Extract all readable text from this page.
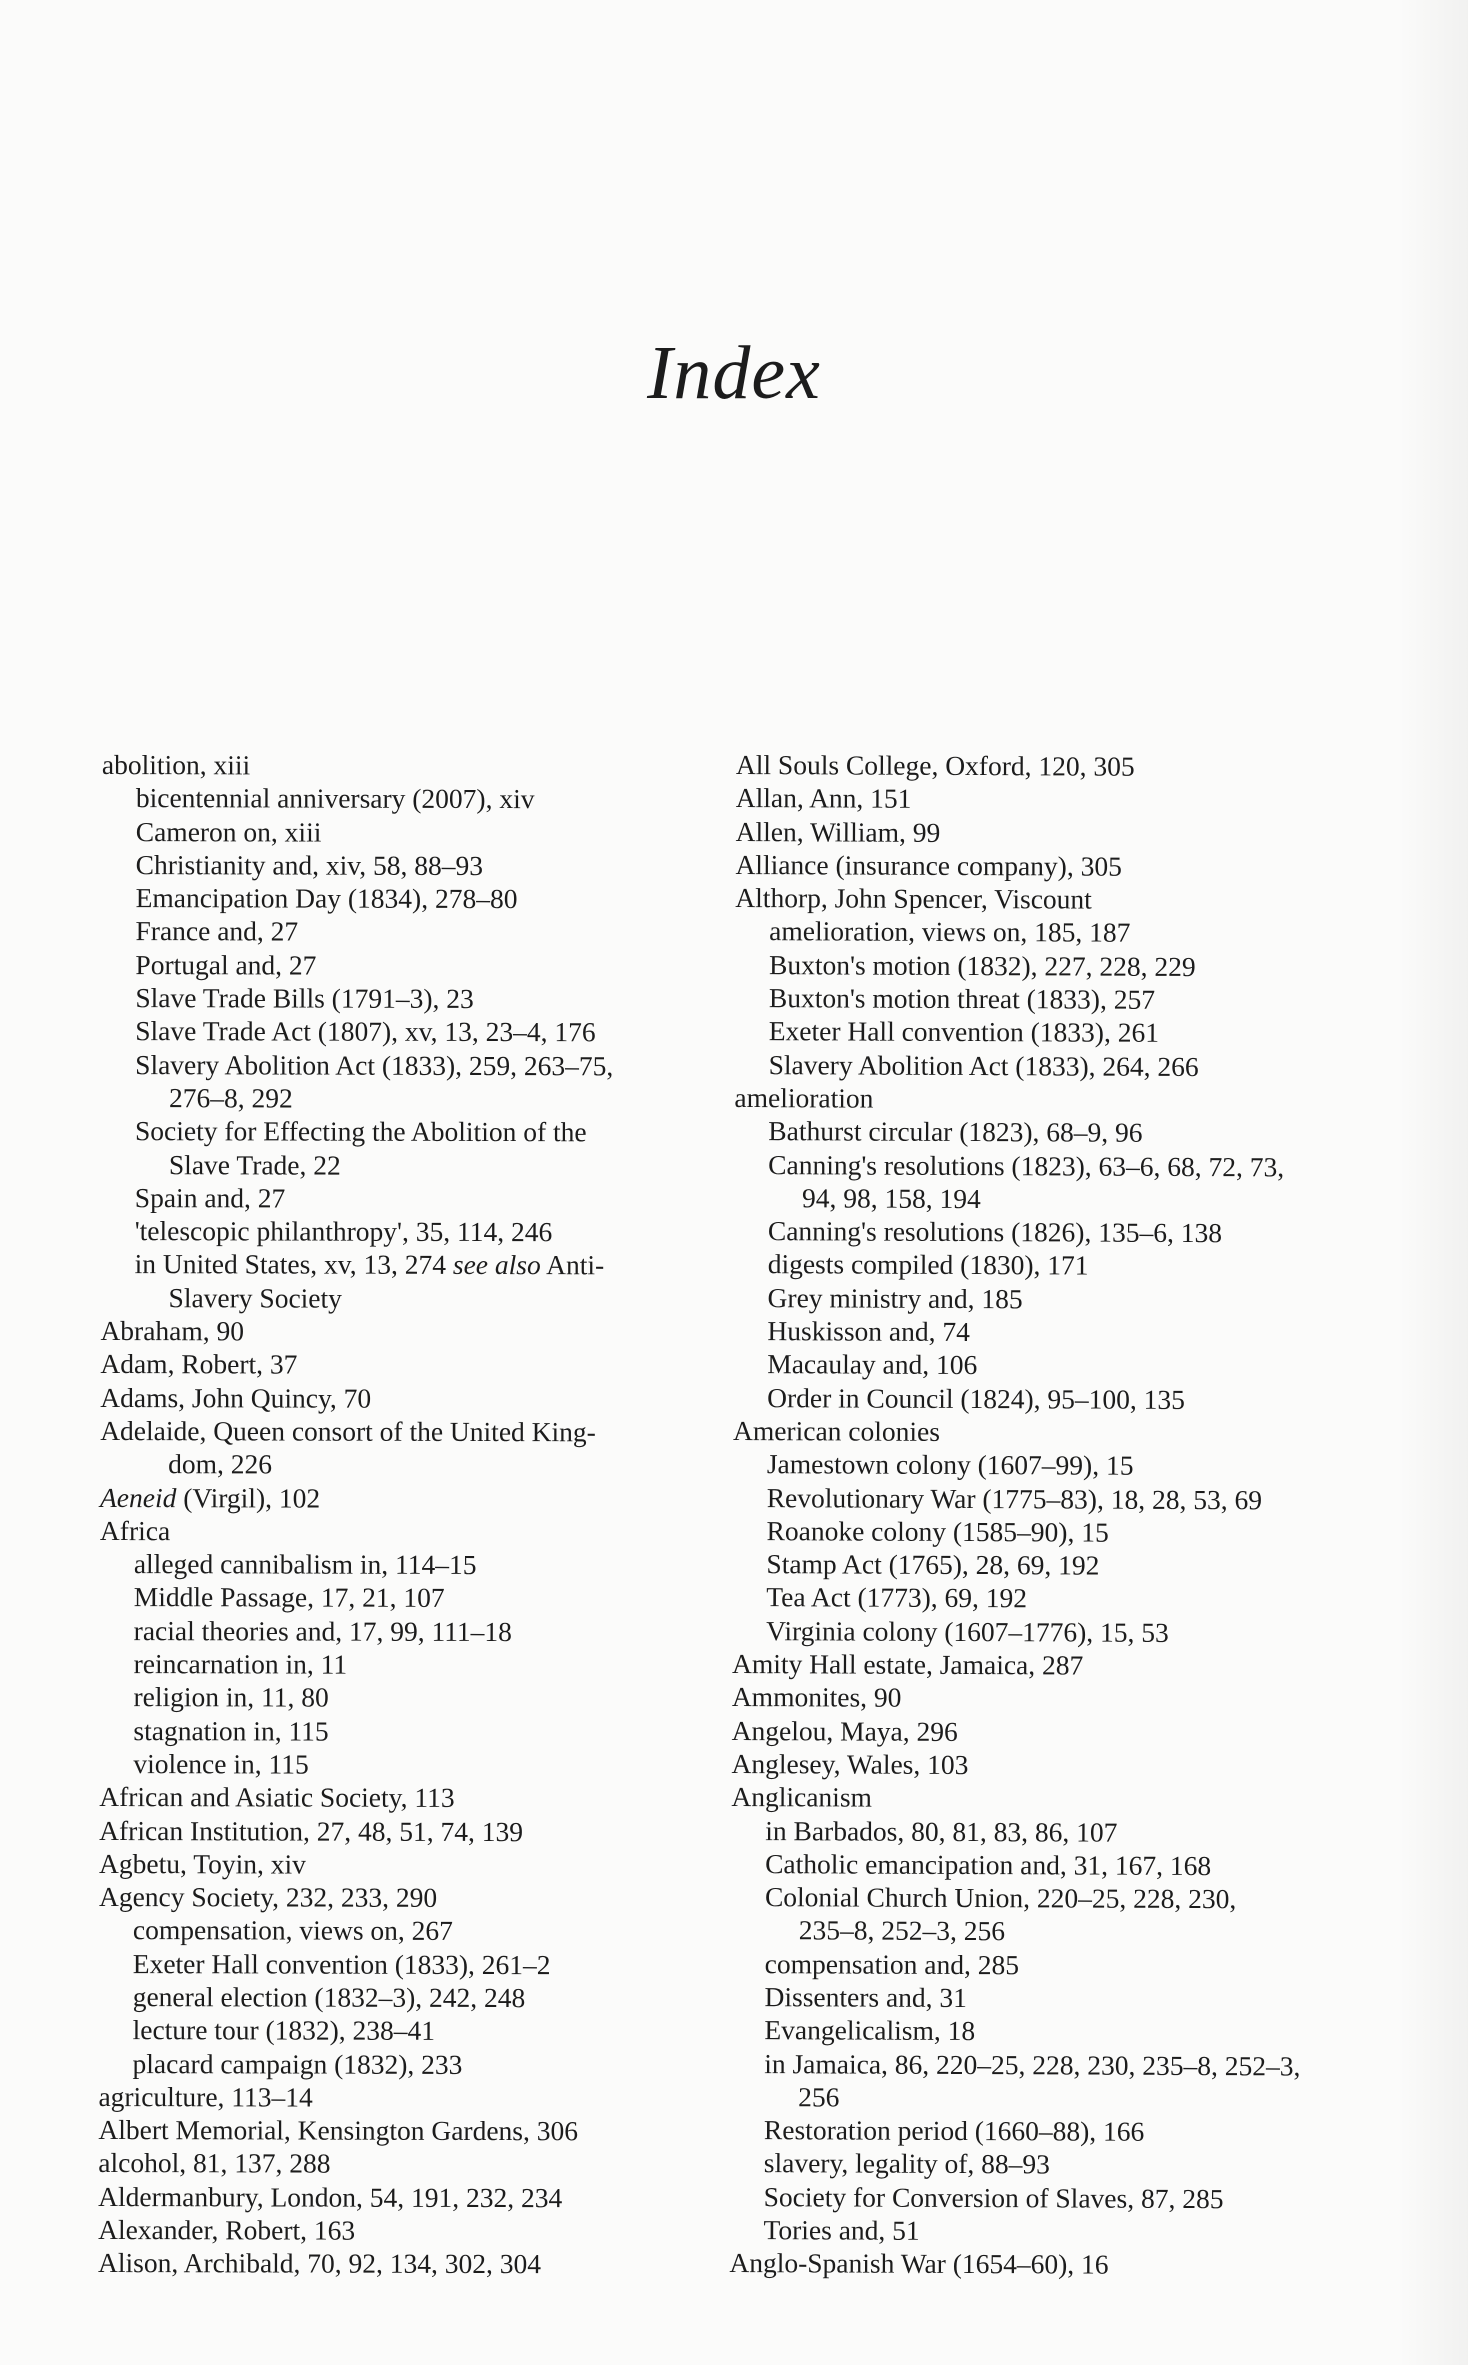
Index
abolition, xiii
bicentennial anniversary (2007), xiv
Cameron on, xiii
Christianity and, xiv, 58, 88–93
Emancipation Day (1834), 278–80
France and, 27
Portugal and, 27
Slave Trade Bills (1791–3), 23
Slave Trade Act (1807), xv, 13, 23–4, 176
Slavery Abolition Act (1833), 259, 263–75,
276–8, 292
Society for Effecting the Abolition of the
Slave Trade, 22
Spain and, 27
'telescopic philanthropy', 35, 114, 246
in United States, xv, 13, 274 see also Anti-
Slavery Society
Abraham, 90
Adam, Robert, 37
Adams, John Quincy, 70
Adelaide, Queen consort of the United King-
dom, 226
Aeneid (Virgil), 102
Africa
alleged cannibalism in, 114–15
Middle Passage, 17, 21, 107
racial theories and, 17, 99, 111–18
reincarnation in, 11
religion in, 11, 80
stagnation in, 115
violence in, 115
African and Asiatic Society, 113
African Institution, 27, 48, 51, 74, 139
Agbetu, Toyin, xiv
Agency Society, 232, 233, 290
compensation, views on, 267
Exeter Hall convention (1833), 261–2
general election (1832–3), 242, 248
lecture tour (1832), 238–41
placard campaign (1832), 233
agriculture, 113–14
Albert Memorial, Kensington Gardens, 306
alcohol, 81, 137, 288
Aldermanbury, London, 54, 191, 232, 234
Alexander, Robert, 163
Alison, Archibald, 70, 92, 134, 302, 304
All Souls College, Oxford, 120, 305
Allan, Ann, 151
Allen, William, 99
Alliance (insurance company), 305
Althorp, John Spencer, Viscount
amelioration, views on, 185, 187
Buxton's motion (1832), 227, 228, 229
Buxton's motion threat (1833), 257
Exeter Hall convention (1833), 261
Slavery Abolition Act (1833), 264, 266
amelioration
Bathurst circular (1823), 68–9, 96
Canning's resolutions (1823), 63–6, 68, 72, 73,
94, 98, 158, 194
Canning's resolutions (1826), 135–6, 138
digests compiled (1830), 171
Grey ministry and, 185
Huskisson and, 74
Macaulay and, 106
Order in Council (1824), 95–100, 135
American colonies
Jamestown colony (1607–99), 15
Revolutionary War (1775–83), 18, 28, 53, 69
Roanoke colony (1585–90), 15
Stamp Act (1765), 28, 69, 192
Tea Act (1773), 69, 192
Virginia colony (1607–1776), 15, 53
Amity Hall estate, Jamaica, 287
Ammonites, 90
Angelou, Maya, 296
Anglesey, Wales, 103
Anglicanism
in Barbados, 80, 81, 83, 86, 107
Catholic emancipation and, 31, 167, 168
Colonial Church Union, 220–25, 228, 230,
235–8, 252–3, 256
compensation and, 285
Dissenters and, 31
Evangelicalism, 18
in Jamaica, 86, 220–25, 228, 230, 235–8, 252–3,
256
Restoration period (1660–88), 166
slavery, legality of, 88–93
Society for Conversion of Slaves, 87, 285
Tories and, 51
Anglo-Spanish War (1654–60), 16
